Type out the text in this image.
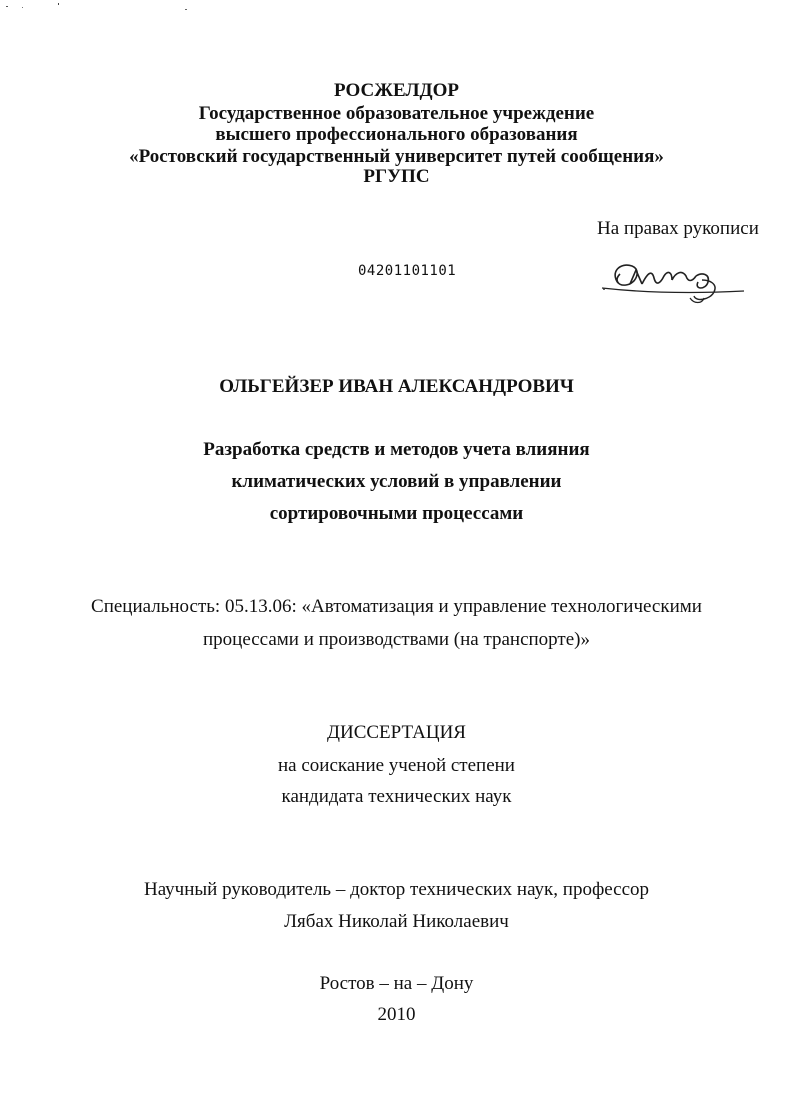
РОСЖЕЛДОР
Государственное образовательное учреждение
высшего профессионального образования
«Ростовский государственный университет путей сообщения»
РГУПС
На правах рукописи
04201101101
ОЛЬГЕЙЗЕР ИВАН АЛЕКСАНДРОВИЧ
Разработка средств и методов учета влияния
климатических условий в управлении
сортировочными процессами
Специальность: 05.13.06: «Автоматизация и управление технологическими
процессами и производствами (на транспорте)»
ДИССЕРТАЦИЯ
на соискание ученой степени
кандидата технических наук
Научный руководитель – доктор технических наук, профессор
Лябах Николай Николаевич
Ростов – на – Дону
2010
